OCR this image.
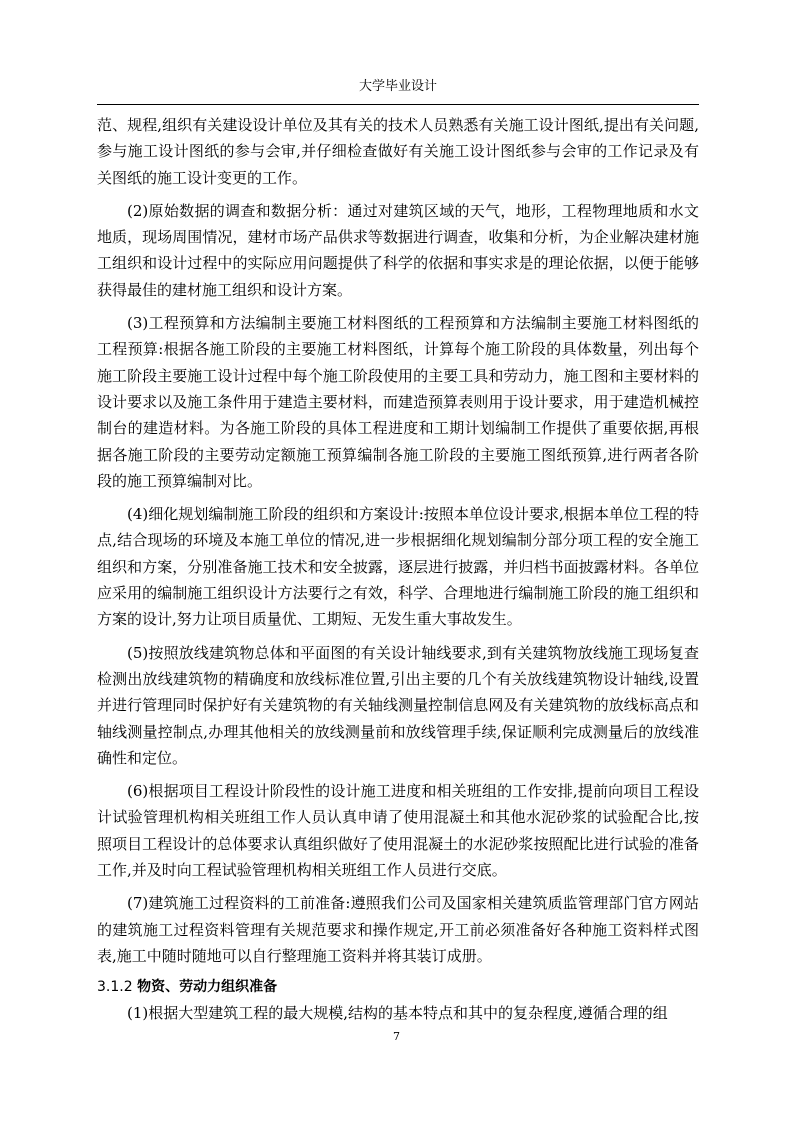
大学毕业设计

范、规程,组织有关建设设计单位及其有关的技术人员熟悉有关施工设计图纸,提出有关问题,参与施工设计图纸的参与会审,并仔细检查做好有关施工设计图纸参与会审的工作记录及有关图纸的施工设计变更的工作。

(2)原始数据的调查和数据分析：通过对建筑区域的天气，地形，工程物理地质和水文地质，现场周围情况，建材市场产品供求等数据进行调查，收集和分析，为企业解决建材施工组织和设计过程中的实际应用问题提供了科学的依据和事实求是的理论依据，以便于能够获得最佳的建材施工组织和设计方案。

(3)工程预算和方法编制主要施工材料图纸的工程预算和方法编制主要施工材料图纸的工程预算:根据各施工阶段的主要施工材料图纸，计算每个施工阶段的具体数量，列出每个施工阶段主要施工设计过程中每个施工阶段使用的主要工具和劳动力，施工图和主要材料的设计要求以及施工条件用于建造主要材料，而建造预算表则用于设计要求，用于建造机械控制台的建造材料。为各施工阶段的具体工程进度和工期计划编制工作提供了重要依据,再根据各施工阶段的主要劳动定额施工预算编制各施工阶段的主要施工图纸预算,进行两者各阶段的施工预算编制对比。

(4)细化规划编制施工阶段的组织和方案设计:按照本单位设计要求,根据本单位工程的特点,结合现场的环境及本施工单位的情况,进一步根据细化规划编制分部分项工程的安全施工组织和方案，分别准备施工技术和安全披露，逐层进行披露，并归档书面披露材料。各单位应采用的编制施工组织设计方法要行之有效，科学、合理地进行编制施工阶段的施工组织和方案的设计,努力让项目质量优、工期短、无发生重大事故发生。

(5)按照放线建筑物总体和平面图的有关设计轴线要求,到有关建筑物放线施工现场复查检测出放线建筑物的精确度和放线标准位置,引出主要的几个有关放线建筑物设计轴线,设置并进行管理同时保护好有关建筑物的有关轴线测量控制信息网及有关建筑物的放线标高点和轴线测量控制点,办理其他相关的放线测量前和放线管理手续,保证顺利完成测量后的放线准确性和定位。

(6)根据项目工程设计阶段性的设计施工进度和相关班组的工作安排,提前向项目工程设计试验管理机构相关班组工作人员认真申请了使用混凝土和其他水泥砂浆的试验配合比,按照项目工程设计的总体要求认真组织做好了使用混凝土的水泥砂浆按照配比进行试验的准备工作,并及时向工程试验管理机构相关班组工作人员进行交底。

(7)建筑施工过程资料的工前准备:遵照我们公司及国家相关建筑质监管理部门官方网站的建筑施工过程资料管理有关规范要求和操作规定,开工前必须准备好各种施工资料样式图表,施工中随时随地可以自行整理施工资料并将其装订成册。

3.1.2 物资、劳动力组织准备

(1)根据大型建筑工程的最大规模,结构的基本特点和其中的复杂程度,遵循合理的组

7
